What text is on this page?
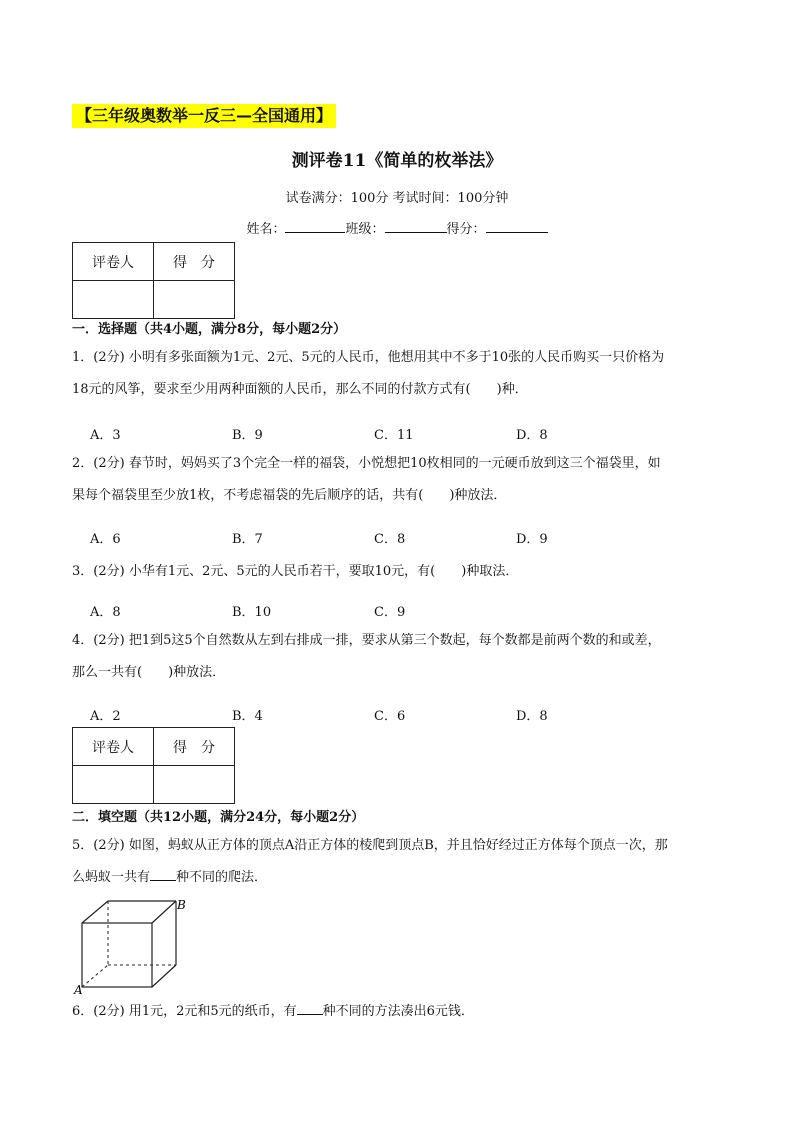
【三年级奥数举一反三—全国通用】
测评卷11《简单的枚举法》
试卷满分：100分 考试时间：100分钟
姓名：	班级：	得分：
评卷人	得　分

一．选择题（共4小题，满分8分，每小题2分）
1．(2分) 小明有多张面额为1元、2元、5元的人民币，他想用其中不多于10张的人民币购买一只价格为
18元的风筝，要求至少用两种面额的人民币，那么不同的付款方式有( )种．
A．3	B．9	C．11	D．8
2．(2分) 春节时，妈妈买了3个完全一样的福袋，小悦想把10枚相同的一元硬币放到这三个福袋里，如
果每个福袋里至少放1枚，不考虑福袋的先后顺序的话，共有( )种放法．
A．6	B．7	C．8	D．9
3．(2分) 小华有1元、2元、5元的人民币若干，要取10元，有( )种取法．
A．8	B．10	C．9
4．(2分) 把1到5这5个自然数从左到右排成一排，要求从第三个数起，每个数都是前两个数的和或差，
那么一共有( )种放法．
A．2	B．4	C．6	D．8
评卷人	得　分

二．填空题（共12小题，满分24分，每小题2分）
5．(2分) 如图，蚂蚁从正方体的顶点A沿正方体的棱爬到顶点B，并且恰好经过正方体每个顶点一次，那
么蚂蚁一共有 种不同的爬法．
A
B
6．(2分) 用1元，2元和5元的纸币，有 种不同的方法凑出6元钱．
